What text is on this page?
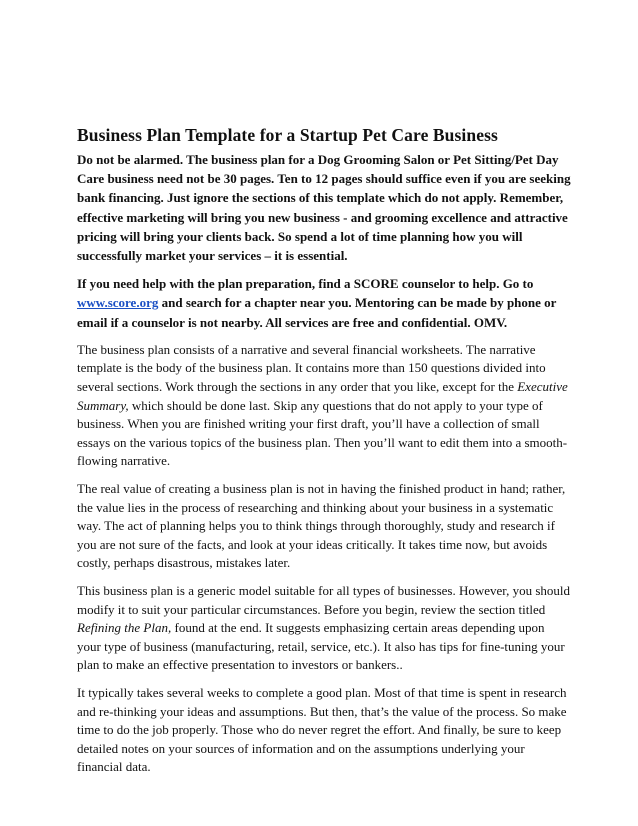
Business Plan Template for a Startup Pet Care Business

Do not be alarmed. The business plan for a Dog Grooming Salon or Pet Sitting/Pet Day Care business need not be 30 pages. Ten to 12 pages should suffice even if you are seeking bank financing. Just ignore the sections of this template which do not apply. Remember, effective marketing will bring you new business - and grooming excellence and attractive pricing will bring your clients back. So spend a lot of time planning how you will successfully market your services – it is essential.

If you need help with the plan preparation, find a SCORE counselor to help. Go to www.score.org and search for a chapter near you. Mentoring can be made by phone or email if a counselor is not nearby. All services are free and confidential. OMV.

The business plan consists of a narrative and several financial worksheets. The narrative template is the body of the business plan. It contains more than 150 questions divided into several sections. Work through the sections in any order that you like, except for the Executive Summary, which should be done last. Skip any questions that do not apply to your type of business. When you are finished writing your first draft, you’ll have a collection of small essays on the various topics of the business plan. Then you’ll want to edit them into a smooth-flowing narrative.

The real value of creating a business plan is not in having the finished product in hand; rather, the value lies in the process of researching and thinking about your business in a systematic way. The act of planning helps you to think things through thoroughly, study and research if you are not sure of the facts, and look at your ideas critically. It takes time now, but avoids costly, perhaps disastrous, mistakes later.

This business plan is a generic model suitable for all types of businesses. However, you should modify it to suit your particular circumstances. Before you begin, review the section titled Refining the Plan, found at the end. It suggests emphasizing certain areas depending upon your type of business (manufacturing, retail, service, etc.). It also has tips for fine-tuning your plan to make an effective presentation to investors or bankers..

It typically takes several weeks to complete a good plan. Most of that time is spent in research and re-thinking your ideas and assumptions. But then, that’s the value of the process. So make time to do the job properly. Those who do never regret the effort. And finally, be sure to keep detailed notes on your sources of information and on the assumptions underlying your financial data.
